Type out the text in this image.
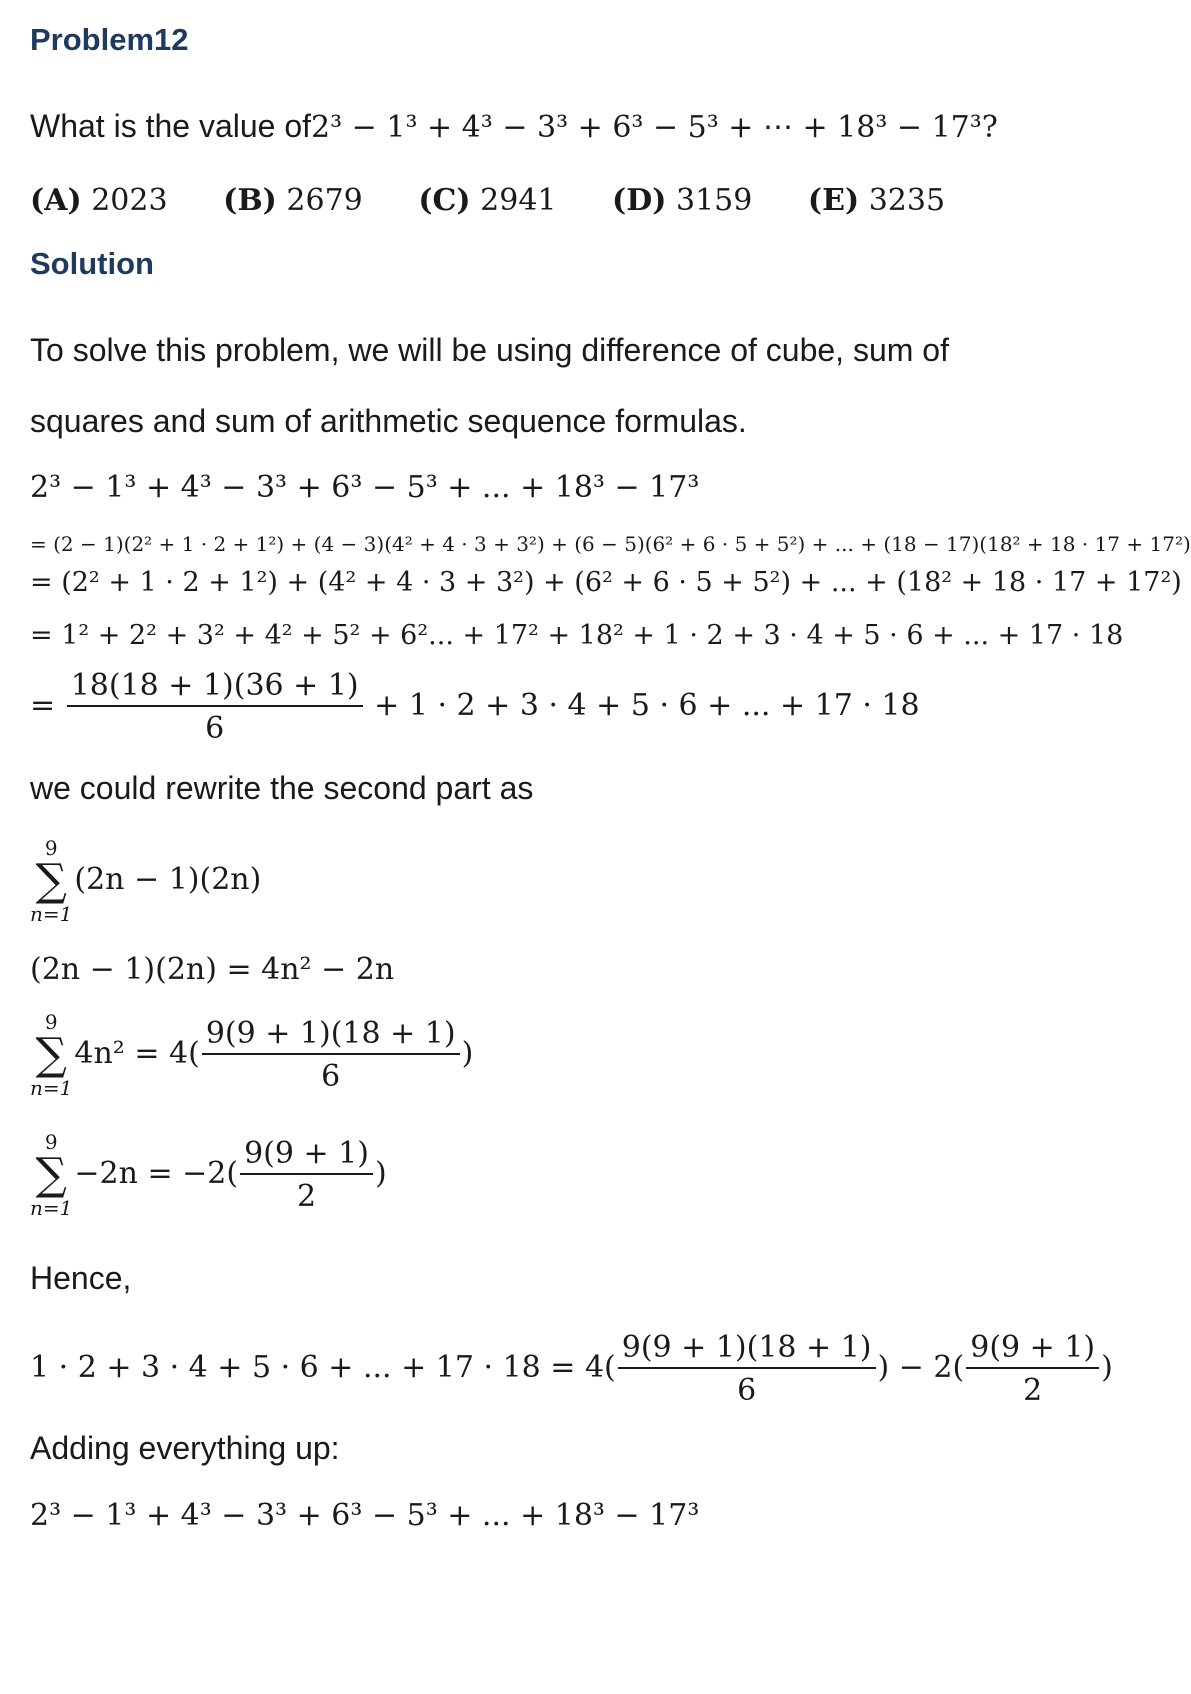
Problem12
What is the value of2³ − 1³ + 4³ − 3³ + 6³ − 5³ + ⋯ + 18³ − 17³?
(A) 2023 (B) 2679 (C) 2941 (D) 3159 (E) 3235
Solution
To solve this problem, we will be using difference of cube, sum of
squares and sum of arithmetic sequence formulas.
2³ − 1³ + 4³ − 3³ + 6³ − 5³ + ... + 18³ − 17³
= (2 − 1)(2² + 1 · 2 + 1²) + (4 − 3)(4² + 4 · 3 + 3²) + (6 − 5)(6² + 6 · 5 + 5²) + ... + (18 − 17)(18² + 18 · 17 + 17²)
= (2² + 1 · 2 + 1²) + (4² + 4 · 3 + 3²) + (6² + 6 · 5 + 5²) + ... + (18² + 18 · 17 + 17²)
= 1² + 2² + 3² + 4² + 5² + 6²... + 17² + 18² + 1 · 2 + 3 · 4 + 5 · 6 + ... + 17 · 18
= $\frac{18(18 + 1)(36 + 1)}{6} + 1 \cdot 2 + 3 \cdot 4 + 5 \cdot 6$ + ... + 17 · 18
we could rewrite the second part as
9
∑
n=1
(2n − 1)(2n)
(2n − 1)(2n) = 4n² − 2n
9
∑
n=1
$4n^2 = 4( \frac{9(9 + 1)(18 + 1)}{6}$ )
9
∑
n=1
$-2n = -2( \frac{9(9 + 1)}{2}$ )
Hence,
1 · 2 + 3 · 4 + 5 · 6 + ... + $17 \cdot 18 = 4( \frac{9(9 + 1)(18 + 1)}{6}$ ) − $2( \frac{9(9 + 1)}{2}$ )
Adding everything up:
2³ − 1³ + 4³ − 3³ + 6³ − 5³ + ... + 18³ − 17³
